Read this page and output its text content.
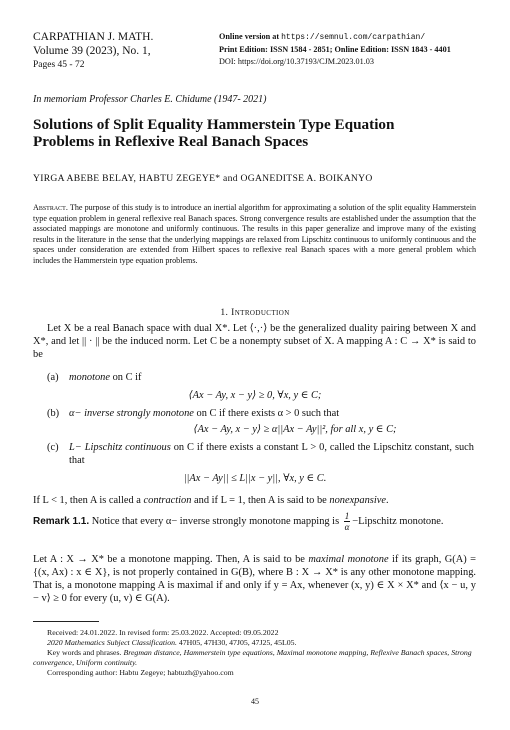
CARPATHIAN J. MATH.
Volume 39 (2023), No. 1,
Pages 45 - 72
Online version at https://semnul.com/carpathian/
Print Edition: ISSN 1584 - 2851; Online Edition: ISSN 1843 - 4401
DOI: https://doi.org/10.37193/CJM.2023.01.03
In memoriam Professor Charles E. Chidume (1947- 2021)
Solutions of Split Equality Hammerstein Type Equation
Problems in Reflexive Real Banach Spaces
YIRGA ABEBE BELAY, HABTU ZEGEYE* and OGANEDITSE A. BOIKANYO
Abstract. The purpose of this study is to introduce an inertial algorithm for approximating a solution of the split equality Hammerstein type equation problem in general reflexive real Banach spaces. Strong convergence results are established under the assumption that the associated mappings are monotone and uniformly continuous. The results in this paper generalize and improve many of the existing results in the literature in the sense that the underlying mappings are relaxed from Lipschitz continuous to uniformly continuous and the spaces under consideration are extended from Hilbert spaces to reflexive real Banach spaces with a more general problem which includes the Hammerstein type equation problems.
1. Introduction
Let X be a real Banach space with dual X*. Let ⟨·,·⟩ be the generalized duality pairing between X and X*, and let || · || be the induced norm. Let C be a nonempty subset of X. A mapping A : C → X* is said to be
(a) monotone on C if
⟨Ax − Ay, x − y⟩ ≥ 0, ∀x, y ∈ C;
(b) α− inverse strongly monotone on C if there exists α > 0 such that
⟨Ax − Ay, x − y⟩ ≥ α||Ax − Ay||², for all x, y ∈ C;
(c) L− Lipschitz continuous on C if there exists a constant L > 0, called the Lipschitz constant, such that
||Ax − Ay|| ≤ L||x − y||, ∀x, y ∈ C.
If L < 1, then A is called a contraction and if L = 1, then A is said to be nonexpansive.
Remark 1.1. Notice that every α− inverse strongly monotone mapping is $\frac{1}{\alpha}$ −Lipschitz monotone.
Let A : X → X* be a monotone mapping. Then, A is said to be maximal monotone if its graph, G(A) = {(x, Ax) : x ∈ X}, is not properly contained in G(B), where B : X → X* is any other monotone mapping. That is, a monotone mapping A is maximal if and only if y = Ax, whenever (x, y) ∈ X × X* and ⟨x − u, y − v⟩ ≥ 0 for every (u, v) ∈ G(A).
Received: 24.01.2022. In revised form: 25.03.2022. Accepted: 09.05.2022
2020 Mathematics Subject Classification. 47H05, 47H30, 47J05, 47J25, 45L05.
Key words and phrases. Bregman distance, Hammerstein type equations, Maximal monotone mapping, Reflexive Banach spaces, Strong convergence, Uniform continuity.
Corresponding author: Habtu Zegeye; habtuzh@yahoo.com
45
